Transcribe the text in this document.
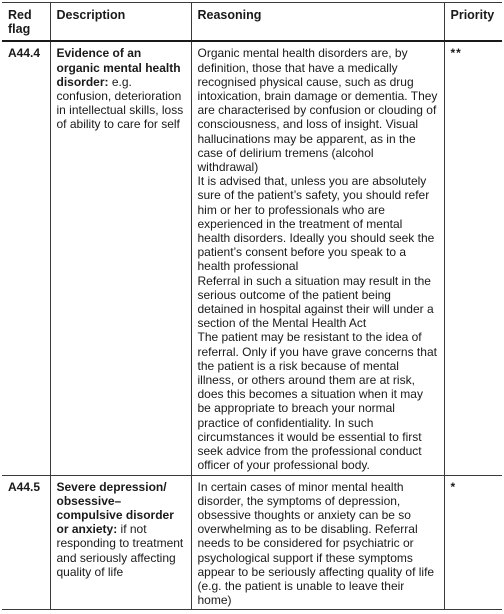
Red flag	Description	Reasoning	Priority
A44.4	Evidence of an organic mental health disorder: e.g. confusion, deterioration in intellectual skills, loss of ability to care for self	Organic mental health disorders are, by definition, those that have a medically recognised physical cause, such as drug intoxication, brain damage or dementia. They are characterised by confusion or clouding of consciousness, and loss of insight. Visual hallucinations may be apparent, as in the case of delirium tremens (alcohol withdrawal)
It is advised that, unless you are absolutely sure of the patient’s safety, you should refer him or her to professionals who are experienced in the treatment of mental health disorders. Ideally you should seek the patient’s consent before you speak to a health professional
Referral in such a situation may result in the serious outcome of the patient being detained in hospital against their will under a section of the Mental Health Act
The patient may be resistant to the idea of referral. Only if you have grave concerns that the patient is a risk because of mental illness, or others around them are at risk, does this becomes a situation when it may be appropriate to breach your normal practice of confidentiality. In such circumstances it would be essential to first seek advice from the professional conduct officer of your professional body.	**
A44.5	Severe depression/ obsessive–compulsive disorder or anxiety: if not responding to treatment and seriously affecting quality of life	In certain cases of minor mental health disorder, the symptoms of depression, obsessive thoughts or anxiety can be so overwhelming as to be disabling. Referral needs to be considered for psychiatric or psychological support if these symptoms appear to be seriously affecting quality of life (e.g. the patient is unable to leave their home)	*
